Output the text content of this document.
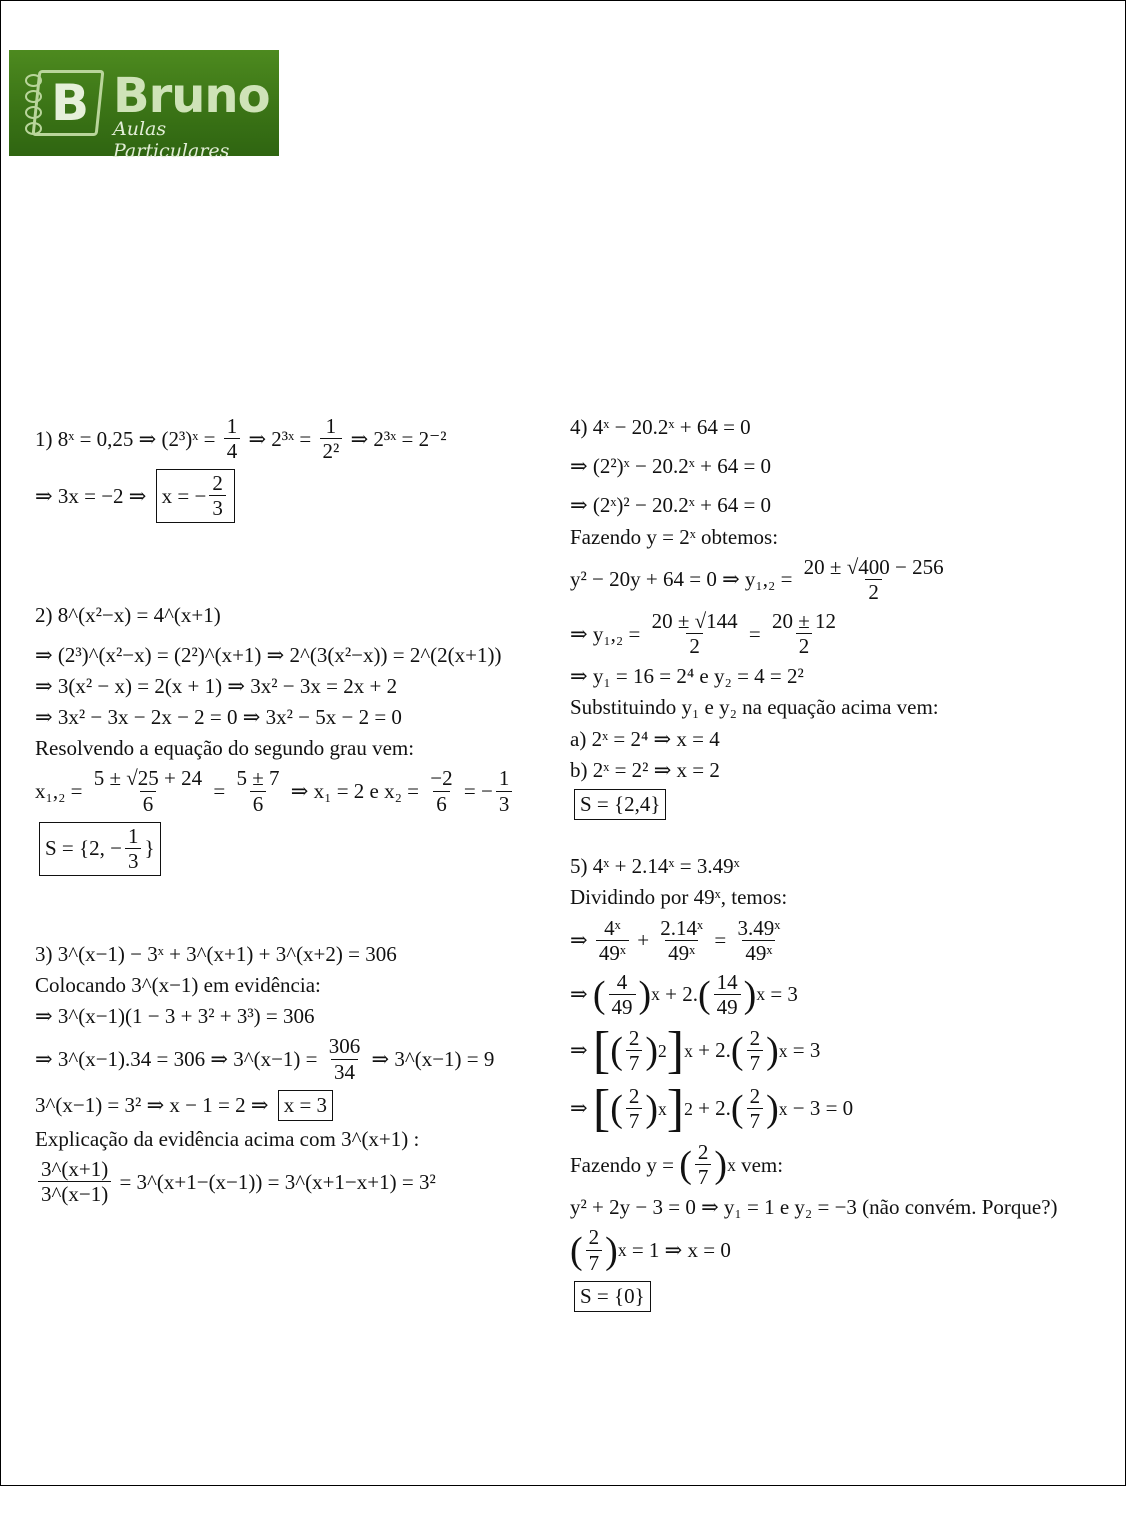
B Bruno
Aulas Particulares
1) 8ˣ = 0,25 ⇒ (2³)ˣ = $\frac{1}{4}$ ⇒ 2³ˣ = $\frac{1}{\text{2²}}$ ⇒ 2³ˣ = 2⁻²
⇒ 3x = −2 ⇒ x = − $\frac{2}{3}$
2) 8^(x²−x) = 4^(x+1)
⇒ (2³)^(x²−x) = (2²)^(x+1) ⇒ 2^(3(x²−x)) = 2^(2(x+1))
⇒ 3(x² − x) = 2(x + 1) ⇒ 3x² − 3x = 2x + 2
⇒ 3x² − 3x − 2x − 2 = 0 ⇒ 3x² − 5x − 2 = 0
Resolvendo a equação do segundo grau vem:
$x_1,_2 = \frac{5 \pm √25 + 24}{6} = \frac{5 \pm 7}{6}$ ⇒ x₁ = 2 e $x_2 = \frac{-2}{6}$ = − $\frac{1}{3}$
S = {2, − $\frac{1}{3}$ }
3) 3^(x−1) − 3ˣ + 3^(x+1) + 3^(x+2) = 306
Colocando 3^(x−1) em evidência:
⇒ 3^(x−1)(1 − 3 + 3² + 3³) = 306
⇒ 3^(x−1).34 = 306 ⇒ 3^(x−1) = $\frac{306}{34}$ ⇒ 3^(x−1) = 9
3^(x−1) = 3² ⇒ x − 1 = 2 ⇒ x = 3
Explicação da evidência acima com 3^(x+1) :
$\frac{3\^{}(x+1)}{3\^{}(x-1)}$ = 3^(x+1−(x−1)) = 3^(x+1−x+1) = 3²
4) 4ˣ − 20.2ˣ + 64 = 0
⇒ (2²)ˣ − 20.2ˣ + 64 = 0
⇒ (2ˣ)² − 20.2ˣ + 64 = 0
Fazendo y = 2ˣ obtemos:
y² − 20y + 64 = 0 ⇒ $y_1,_2 = \frac{20 \pm √400 - 256}{2}$
⇒ $y_1,_2 = \frac{20 \pm √144}{2} = \frac{20 \pm 12}{2}$
⇒ y₁ = 16 = 2⁴ e y₂ = 4 = 2²
Substituindo y₁ e y₂ na equação acima vem:
a) 2ˣ = 2⁴ ⇒ x = 4
b) 2ˣ = 2² ⇒ x = 2
S = {2,4}
5) 4ˣ + 2.14ˣ = 3.49ˣ
Dividindo por 49ˣ, temos:
⇒ $\frac{\text{4ˣ}}{\text{49ˣ}} + \frac{\text{2.14ˣ}}{\text{49ˣ}} = \frac{\text{3.49ˣ}}{\text{49ˣ}}$
⇒ ( $\frac{4}{49}$ ) x + 2. ( $\frac{14}{49}$ ) x = 3
⇒ [ ( $\frac{2}{7}$ ) 2 ] x + 2. ( $\frac{2}{7}$ ) x = 3
⇒ [ ( $\frac{2}{7}$ ) x ] 2 + 2. ( $\frac{2}{7}$ ) x − 3 = 0
Fazendo y = ( $\frac{2}{7}$ ) x vem:
y² + 2y − 3 = 0 ⇒ y₁ = 1 e y₂ = −3 (não convém. Porque?)
( $\frac{2}{7}$ ) x = 1 ⇒ x = 0
S = {0}
